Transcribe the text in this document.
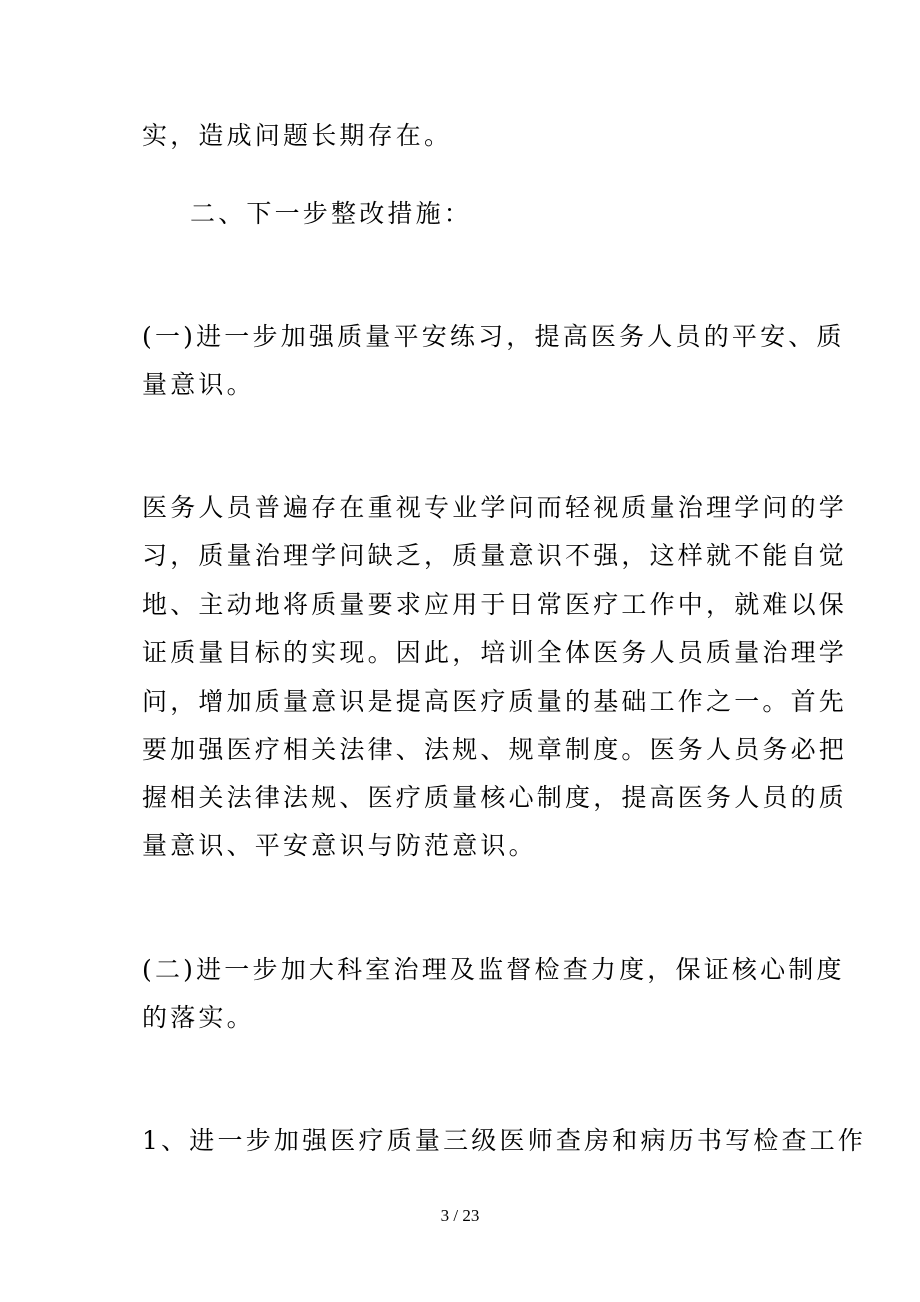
实，造成问题长期存在。
二、下一步整改措施：
(一)进一步加强质量平安练习，提高医务人员的平安、质
量意识。
医务人员普遍存在重视专业学问而轻视质量治理学问的学
习，质量治理学问缺乏，质量意识不强，这样就不能自觉
地、主动地将质量要求应用于日常医疗工作中，就难以保
证质量目标的实现。因此，培训全体医务人员质量治理学
问，增加质量意识是提高医疗质量的基础工作之一。首先
要加强医疗相关法律、法规、规章制度。医务人员务必把
握相关法律法规、医疗质量核心制度，提高医务人员的质
量意识、平安意识与防范意识。
(二)进一步加大科室治理及监督检查力度，保证核心制度
的落实。
1、进一步加强医疗质量三级医师查房和病历书写检查工作
3 / 23
